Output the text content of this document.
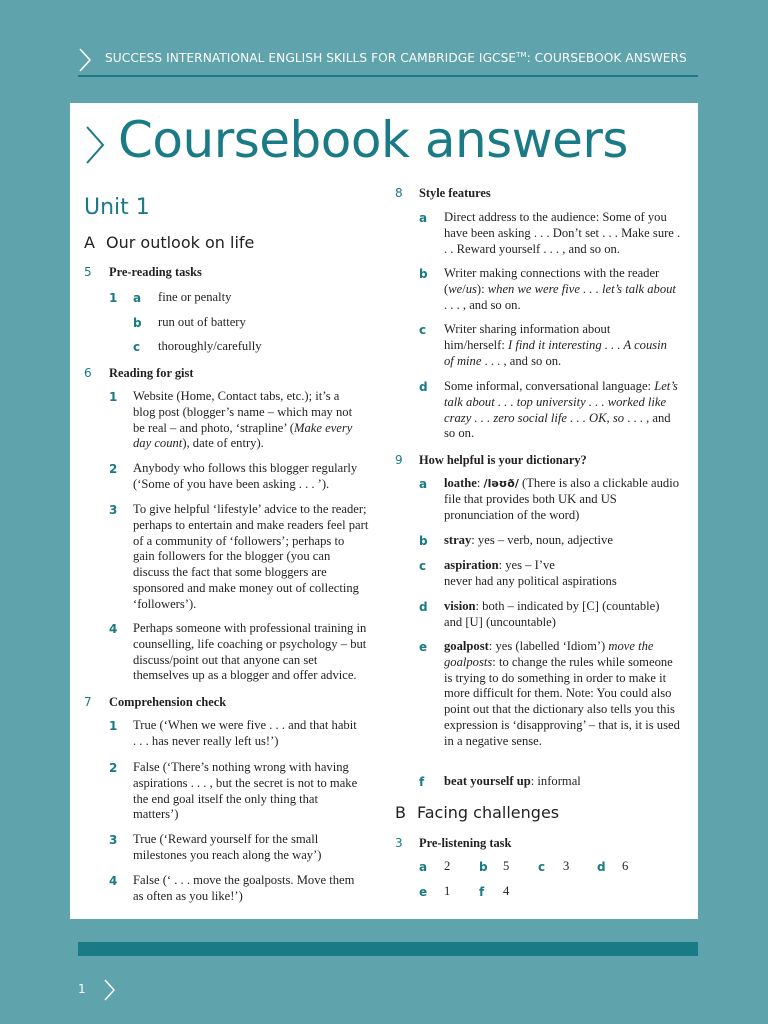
SUCCESS INTERNATIONAL ENGLISH SKILLS FOR CAMBRIDGE IGCSE™: COURSEBOOK ANSWERS
Coursebook answers
Unit 1
A Our outlook on life
5 Pre-reading tasks
1 a fine or penalty
b run out of battery
c thoroughly/carefully
6 Reading for gist
1 Website (Home, Contact tabs, etc.); it’s a blog post (blogger’s name – which may not be real – and photo, ‘strapline’ (Make every day count), date of entry).
2 Anybody who follows this blogger regularly (‘Some of you have been asking . . . ’).
3 To give helpful ‘lifestyle’ advice to the reader; perhaps to entertain and make readers feel part of a community of ‘followers’; perhaps to gain followers for the blogger (you can discuss the fact that some bloggers are sponsored and make money out of collecting ‘followers’).
4 Perhaps someone with professional training in counselling, life coaching or psychology – but discuss/point out that anyone can set themselves up as a blogger and offer advice.
7 Comprehension check
1 True (‘When we were five . . . and that habit . . . has never really left us!’)
2 False (‘There’s nothing wrong with having aspirations . . . , but the secret is not to make the end goal itself the only thing that matters’)
3 True (‘Reward yourself for the small milestones you reach along the way’)
4 False (‘ . . . move the goalposts. Move them as often as you like!’)
8 Style features
a Direct address to the audience: Some of you have been asking . . . Don’t set . . . Make sure . . . Reward yourself . . . , and so on.
b Writer making connections with the reader (we/us): when we were five . . . let’s talk about . . . , and so on.
c Writer sharing information about him/herself: I find it interesting . . . A cousin of mine . . . , and so on.
d Some informal, conversational language: Let’s talk about . . . top university . . . worked like crazy . . . zero social life . . . OK, so . . . , and so on.
9 How helpful is your dictionary?
a loathe: /ləʊð/ (There is also a clickable audio file that provides both UK and US pronunciation of the word)
b stray: yes – verb, noun, adjective
c aspiration: yes – I’ve
never had any political aspirations
d vision: both – indicated by [C] (countable) and [U] (uncountable)
e goalpost: yes (labelled ‘Idiom’) move the goalposts: to change the rules while someone is trying to do something in order to make it more difficult for them. Note: You could also point out that the dictionary also tells you this expression is ‘disapproving’ – that is, it is used in a negative sense.
f beat yourself up: informal
B Facing challenges
3 Pre-listening task
a 2 b 5 c 3 d 6
e 1 f 4
1
